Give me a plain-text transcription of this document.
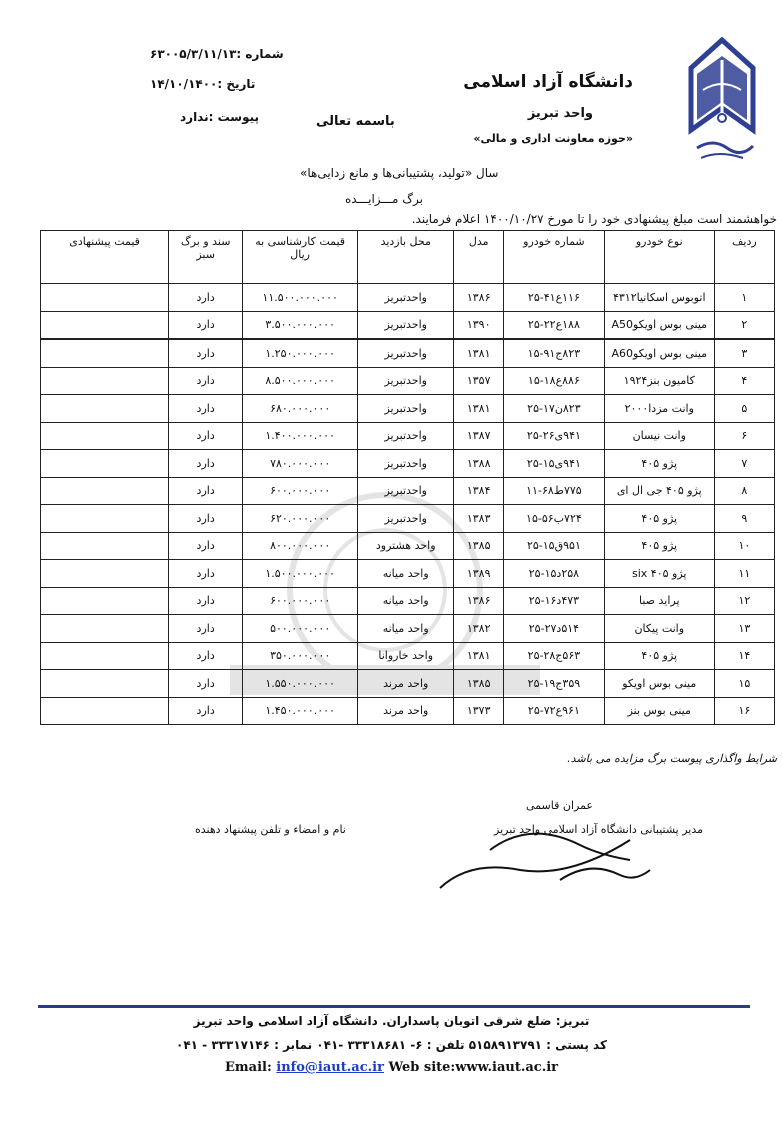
دانشگاه آزاد اسلامی
واحد تبریز
«حوزه معاونت اداری و مالی»
باسمه تعالی
شماره :۶۳۰۰۵/۳/۱۱/۱۳
تاریخ :۱۴/۱۰/۱۴۰۰
پیوست :ندارد
سال «تولید، پشتیبانی‌ها و مانع زدایی‌ها»
برگ مـــزایـــده
خواهشمند است مبلغ پیشنهادی خود را تا مورخ ۱۴۰۰/۱۰/۲۷ اعلام فرمایند.
ردیف	نوع خودرو	شماره خودرو	مدل	محل بازدید	قیمت کارشناسی به ریال	سند و برگ سبز	قیمت پیشنهادی
۱	اتوبوس اسکانیا۴۳۱۲	۱۱۶ع۴۱-۲۵	۱۳۸۶	واحدتبریز	۱۱.۵۰۰.۰۰۰.۰۰۰	دارد	
۲	مینی بوس اویکوA50	۱۸۸ع۲۲-۲۵	۱۳۹۰	واحدتبریز	۳.۵۰۰.۰۰۰.۰۰۰	دارد	
۳	مینی بوس اویکوA60	۸۲۳ج۹۱-۱۵	۱۳۸۱	واحدتبریز	۱.۲۵۰.۰۰۰.۰۰۰	دارد	
۴	کامیون بنز۱۹۲۴	۸۸۶ع۱۸-۱۵	۱۳۵۷	واحدتبریز	۸.۵۰۰.۰۰۰.۰۰۰	دارد	
۵	وانت مزدا۲۰۰۰	۸۲۳ن۱۷-۲۵	۱۳۸۱	واحدتبریز	۶۸۰.۰۰۰.۰۰۰	دارد	
۶	وانت نیسان	۹۴۱ی۲۶-۲۵	۱۳۸۷	واحدتبریز	۱.۴۰۰.۰۰۰.۰۰۰	دارد	
۷	پژو ۴۰۵	۹۴۱ی۱۵-۲۵	۱۳۸۸	واحدتبریز	۷۸۰.۰۰۰.۰۰۰	دارد	
۸	پژو ۴۰۵ جی ال ای	۷۷۵ط۶۸-۱۱	۱۳۸۴	واحدتبریز	۶۰۰.۰۰۰.۰۰۰	دارد	
۹	پژو ۴۰۵	۷۲۴ب۵۶-۱۵	۱۳۸۳	واحدتبریز	۶۲۰.۰۰۰.۰۰۰	دارد	
۱۰	پژو ۴۰۵	۹۵۱ق۱۵-۲۵	۱۳۸۵	واحد هشترود	۸۰۰.۰۰۰.۰۰۰	دارد	
۱۱	پژو ۴۰۵ six	۲۵۸د۱۵-۲۵	۱۳۸۹	واحد میانه	۱.۵۰۰.۰۰۰.۰۰۰	دارد	
۱۲	پراید صبا	۴۷۳د۱۶-۲۵	۱۳۸۶	واحد میانه	۶۰۰.۰۰۰.۰۰۰	دارد	
۱۳	وانت پیکان	۵۱۴د۲۷-۲۵	۱۳۸۲	واحد میانه	۵۰۰.۰۰۰.۰۰۰	دارد	
۱۴	پژو ۴۰۵	۵۶۳ج۲۸-۲۵	۱۳۸۱	واحد خاروانا	۳۵۰.۰۰۰.۰۰۰	دارد	
۱۵	مینی بوس اویکو	۳۵۹ج۱۹-۲۵	۱۳۸۵	واحد مرند	۱.۵۵۰.۰۰۰.۰۰۰	دارد	
۱۶	مینی بوس بنز	۹۶۱ع۷۲-۲۵	۱۳۷۳	واحد مرند	۱.۴۵۰.۰۰۰.۰۰۰	دارد	
شرایط واگذاری پیوست برگ مزایده می باشد.
عمران قاسمی
مدیر پشتیبانی دانشگاه آزاد اسلامی واحد تبریز
نام و امضاء و تلفن پیشنهاد دهنده
تبریز: ضلع شرقی اتوبان پاسداران. دانشگاه آزاد اسلامی واحد تبریز
کد پستی : ۵۱۵۸۹۱۳۷۹۱ تلفن : ۶- ۳۳۳۱۸۶۸۱ -۰۴۱ نمابر : ۳۳۳۱۷۱۴۶ - ۰۴۱
Email: info@iaut.ac.ir Web site:www.iaut.ac.ir
